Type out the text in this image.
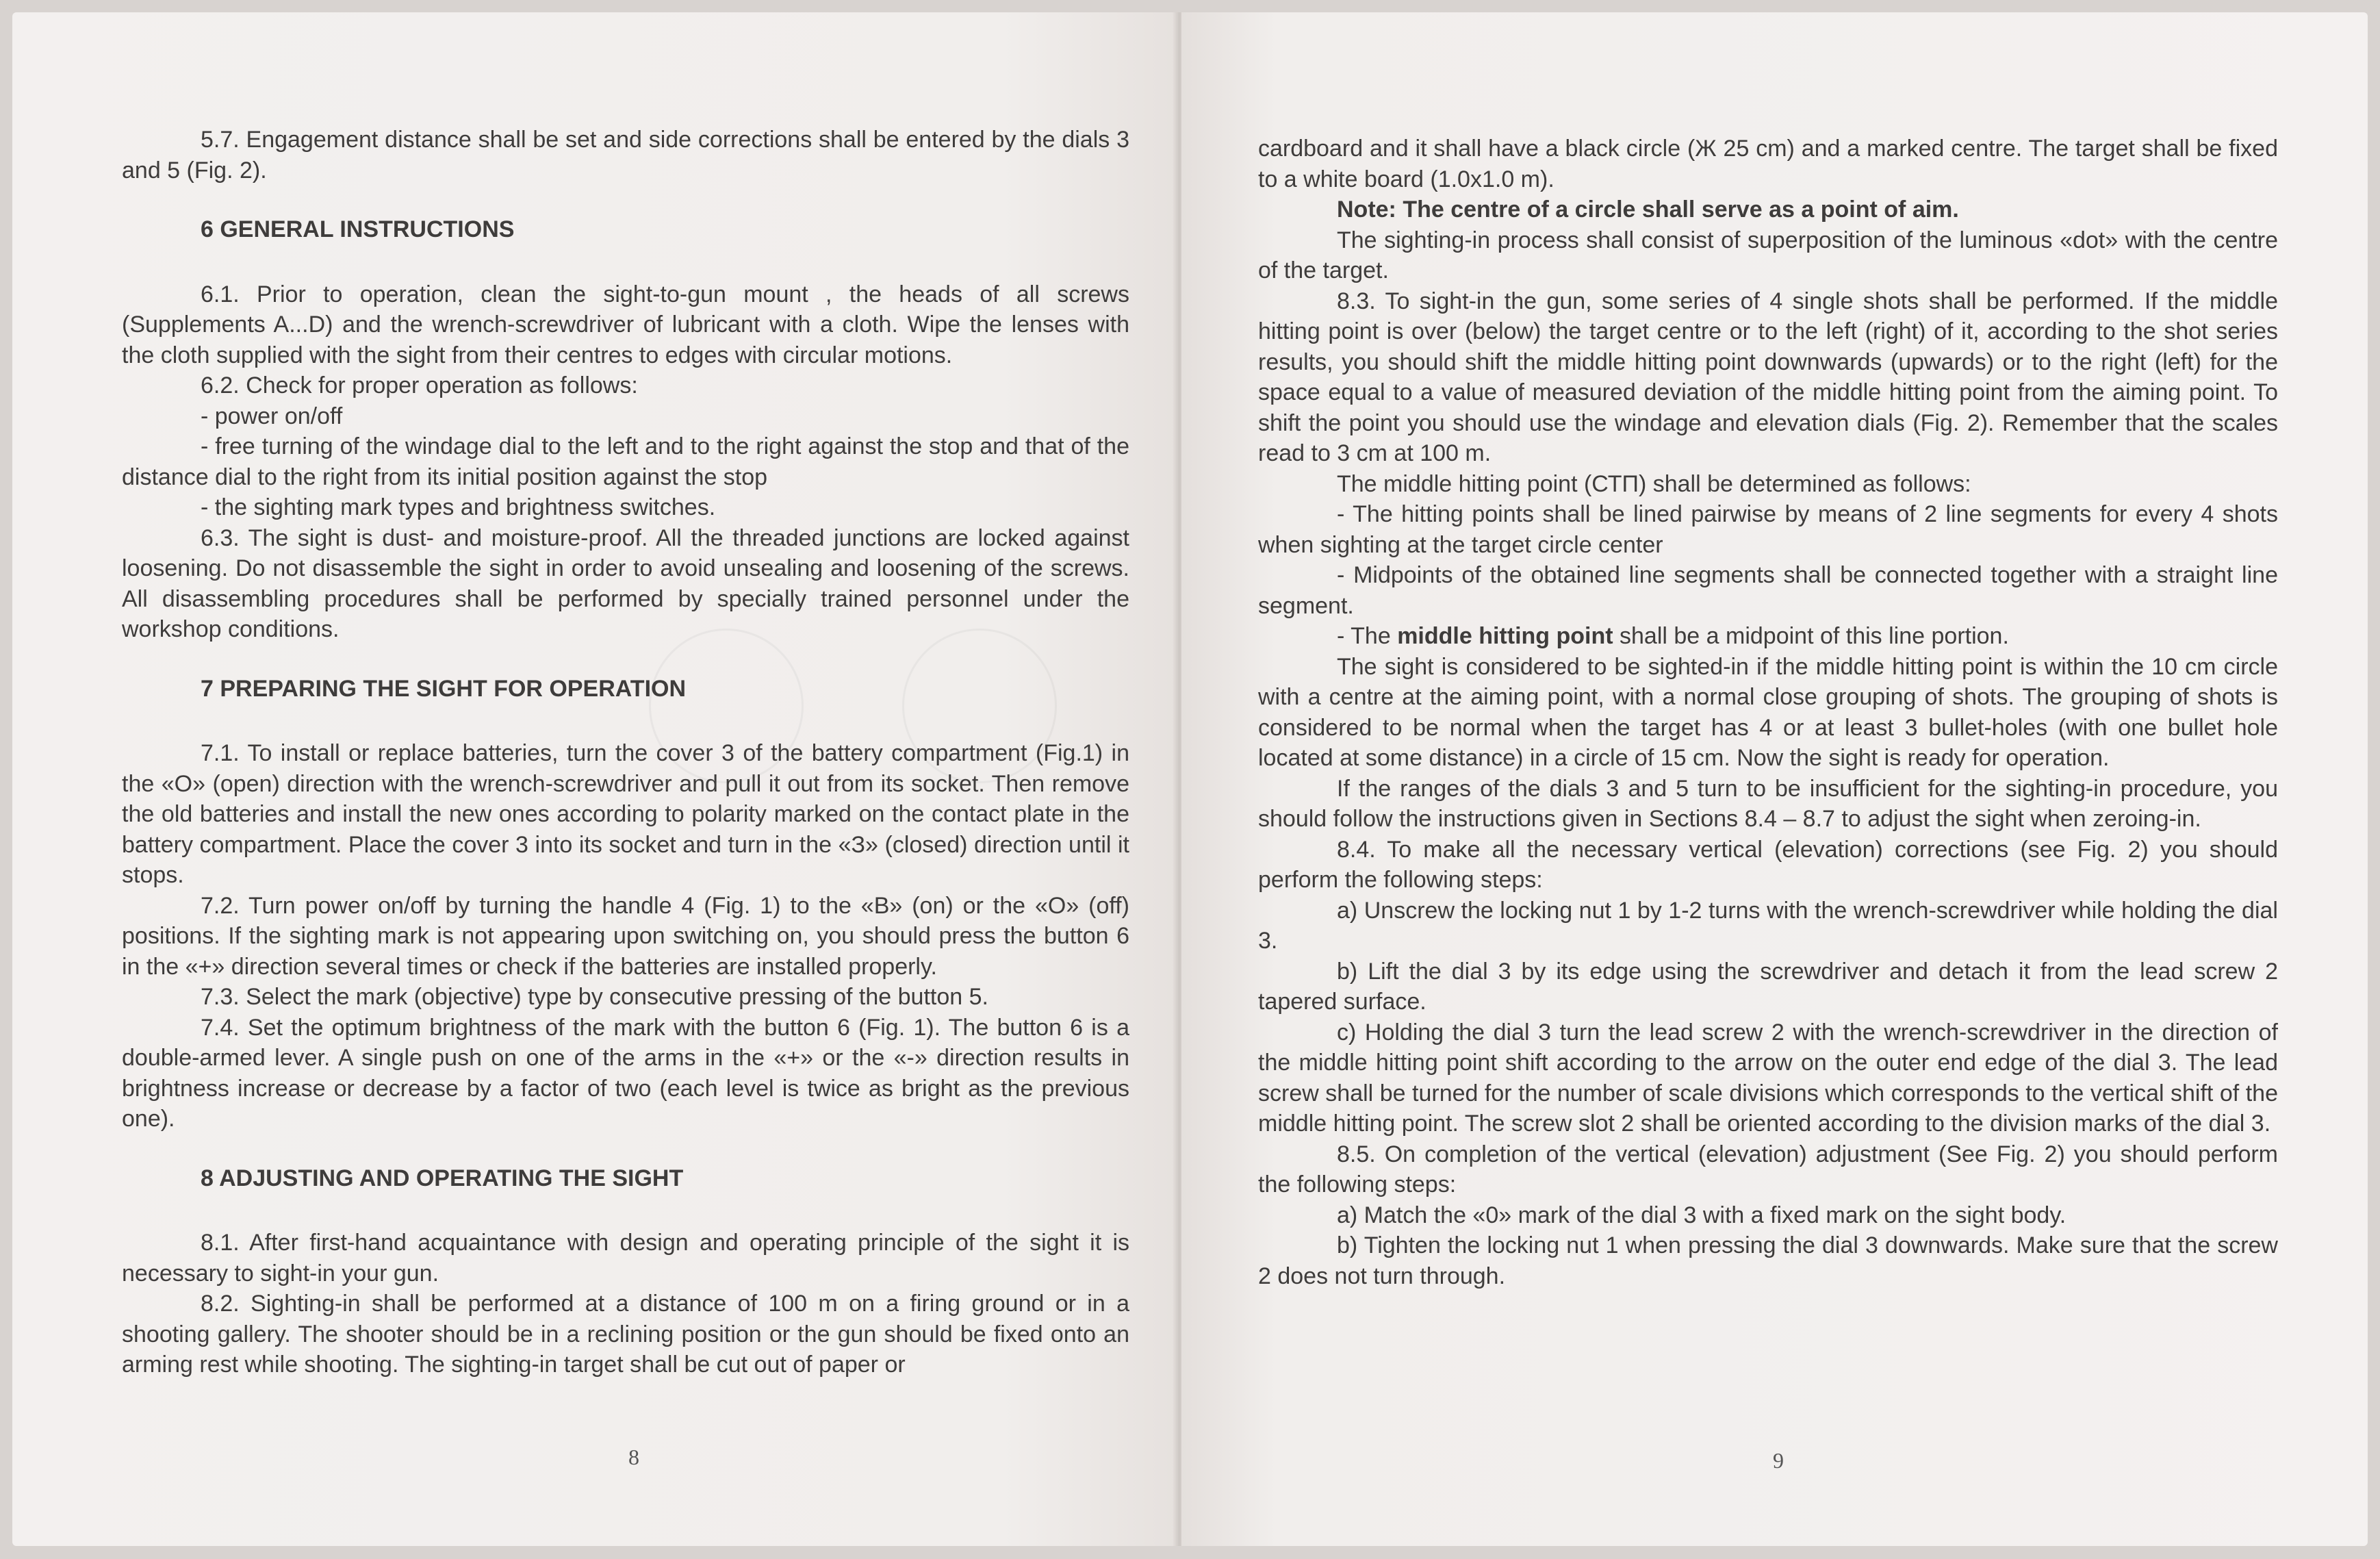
5.7. Engagement distance shall be set and side corrections shall be entered by the dials 3 and 5 (Fig. 2).

6 GENERAL INSTRUCTIONS

6.1. Prior to operation, clean the sight-to-gun mount , the heads of all screws (Supplements A...D) and the wrench-screwdriver of lubricant with a cloth. Wipe the lenses with the cloth supplied with the sight from their centres to edges with circular motions.

6.2. Check for proper operation as follows:

- power on/off

- free turning of the windage dial to the left and to the right against the stop and that of the distance dial to the right from its initial position against the stop

- the sighting mark types and brightness switches.

6.3. The sight is dust- and moisture-proof. All the threaded junctions are locked against loosening. Do not disassemble the sight in order to avoid unsealing and loosening of the screws. All disassembling procedures shall be performed by specially trained personnel under the workshop conditions.

7 PREPARING THE SIGHT FOR OPERATION

7.1. To install or replace batteries, turn the cover 3 of the battery compartment (Fig.1) in the «O» (open) direction with the wrench-screwdriver and pull it out from its socket. Then remove the old batteries and install the new ones according to polarity marked on the contact plate in the battery compartment. Place the cover 3 into its socket and turn in the «З» (closed) direction until it stops.

7.2. Turn power on/off by turning the handle 4 (Fig. 1) to the «B» (on) or the «O» (off) positions. If the sighting mark is not appearing upon switching on, you should press the button 6 in the «+» direction several times or check if the batteries are installed properly.

7.3. Select the mark (objective) type by consecutive pressing of the button 5.

7.4. Set the optimum brightness of the mark with the button 6 (Fig. 1). The button 6 is a double-armed lever. A single push on one of the arms in the «+» or the «-» direction results in brightness increase or decrease by a factor of two (each level is twice as bright as the previous one).

8 ADJUSTING AND OPERATING THE SIGHT

8.1. After first-hand acquaintance with design and operating principle of the sight it is necessary to sight-in your gun.

8.2. Sighting-in shall be performed at a distance of 100 m on a firing ground or in a shooting gallery. The shooter should be in a reclining position or the gun should be fixed onto an arming rest while shooting. The sighting-in target shall be cut out of paper or

8

cardboard and it shall have a black circle (Ж 25 cm) and a marked centre. The target shall be fixed to a white board (1.0x1.0 m).

Note: The centre of a circle shall serve as a point of aim.

The sighting-in process shall consist of superposition of the luminous «dot» with the centre of the target.

8.3. To sight-in the gun, some series of 4 single shots shall be performed. If the middle hitting point is over (below) the target centre or to the left (right) of it, according to the shot series results, you should shift the middle hitting point downwards (upwards) or to the right (left) for the space equal to a value of measured deviation of the middle hitting point from the aiming point. To shift the point you should use the windage and elevation dials (Fig. 2). Remember that the scales read to 3 cm at 100 m.

The middle hitting point (СТП) shall be determined as follows:

- The hitting points shall be lined pairwise by means of 2 line segments for every 4 shots when sighting at the target circle center

- Midpoints of the obtained line segments shall be connected together with a straight line segment.

- The middle hitting point shall be a midpoint of this line portion.

The sight is considered to be sighted-in if the middle hitting point is within the 10 cm circle with a centre at the aiming point, with a normal close grouping of shots. The grouping of shots is considered to be normal when the target has 4 or at least 3 bullet-holes (with one bullet hole located at some distance) in a circle of 15 cm. Now the sight is ready for operation.

If the ranges of the dials 3 and 5 turn to be insufficient for the sighting-in procedure, you should follow the instructions given in Sections 8.4 – 8.7 to adjust the sight when zeroing-in.

8.4. To make all the necessary vertical (elevation) corrections (see Fig. 2) you should perform the following steps:

a) Unscrew the locking nut 1 by 1-2 turns with the wrench-screwdriver while holding the dial 3.

b) Lift the dial 3 by its edge using the screwdriver and detach it from the lead screw 2 tapered surface.

c) Holding the dial 3 turn the lead screw 2 with the wrench-screwdriver in the direction of the middle hitting point shift according to the arrow on the outer end edge of the dial 3. The lead screw shall be turned for the number of scale divisions which corresponds to the vertical shift of the middle hitting point. The screw slot 2 shall be oriented according to the division marks of the dial 3.

8.5. On completion of the vertical (elevation) adjustment (See Fig. 2) you should perform the following steps:

a) Match the «0» mark of the dial 3 with a fixed mark on the sight body.

b) Tighten the locking nut 1 when pressing the dial 3 downwards. Make sure that the screw 2 does not turn through.

9
